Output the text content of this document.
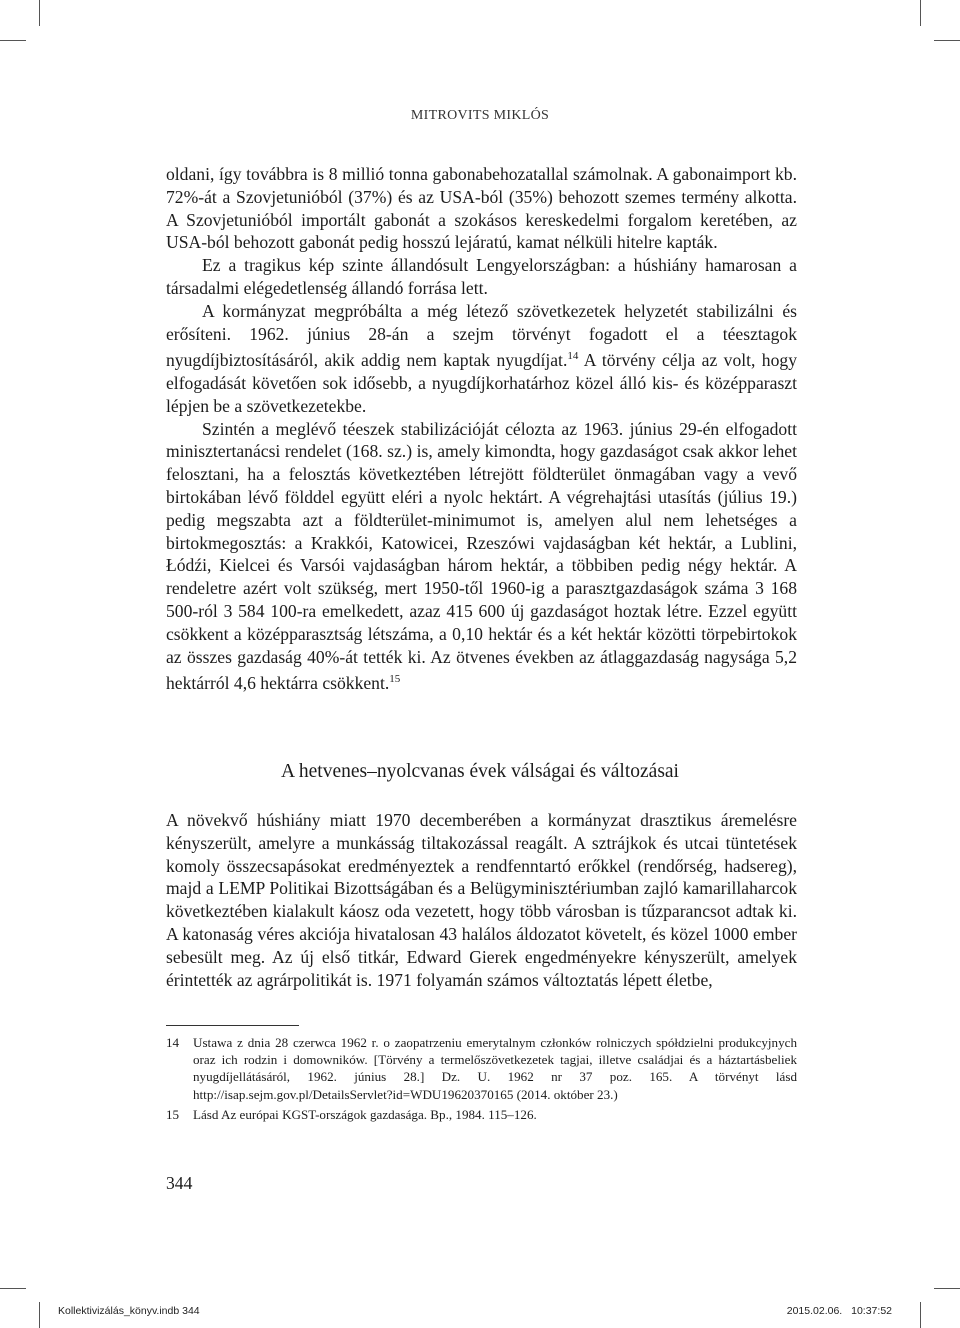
MITROVITS MIKLÓS

oldani, így továbbra is 8 millió tonna gabonabehozatallal számolnak. A gabonaimport kb. 72%-át a Szovjetunióból (37%) és az USA-ból (35%) behozott szemes termény alkotta. A Szovjetunióból importált gabonát a szokásos kereskedelmi forgalom keretében, az USA-ból behozott gabonát pedig hosszú lejáratú, kamat nélküli hitelre kapták.

Ez a tragikus kép szinte állandósult Lengyelországban: a húshiány hamarosan a társadalmi elégedetlenség állandó forrása lett.

A kormányzat megpróbálta a még létező szövetkezetek helyzetét stabilizálni és erősíteni. 1962. június 28-án a szejm törvényt fogadott el a téesztagok nyugdíjbiztosításáról, akik addig nem kaptak nyugdíjat.$^{14}$ A törvény célja az volt, hogy elfogadását követően sok idősebb, a nyugdíjkorhatárhoz közel álló kis- és középparaszt lépjen be a szövetkezetekbe.

Szintén a meglévő téeszek stabilizációját célozta az 1963. június 29-én elfogadott minisztertanácsi rendelet (168. sz.) is, amely kimondta, hogy gazdaságot csak akkor lehet felosztani, ha a felosztás következtében létrejött földterület önmagában vagy a vevő birtokában lévő földdel együtt eléri a nyolc hektárt. A végrehajtási utasítás (július 19.) pedig megszabta azt a földterület-minimumot is, amelyen alul nem lehetséges a birtokmegosztás: a Krakkói, Katowicei, Rzeszówi vajdaságban két hektár, a Lublini, Łódźi, Kielcei és Varsói vajdaságban három hektár, a többiben pedig négy hektár. A rendeletre azért volt szükség, mert 1950-től 1960-ig a parasztgazdaságok száma 3 168 500-ról 3 584 100-ra emelkedett, azaz 415 600 új gazdaságot hoztak létre. Ezzel együtt csökkent a középparasztság létszáma, a 0,10 hektár és a két hektár közötti törpebirtokok az összes gazdaság 40%-át tették ki. Az ötvenes években az átlaggazdaság nagysága 5,2 hektárról 4,6 hektárra csökkent.$^{15}$

A hetvenes–nyolcvanas évek válságai és változásai

A növekvő húshiány miatt 1970 decemberében a kormányzat drasztikus áremelésre kényszerült, amelyre a munkásság tiltakozással reagált. A sztrájkok és utcai tüntetések komoly összecsapásokat eredményeztek a rendfenntartó erőkkel (rendőrség, hadsereg), majd a LEMP Politikai Bizottságában és a Belügyminisztériumban zajló kamarillaharcok következtében kialakult káosz oda vezetett, hogy több városban is tűzparancsot adtak ki. A katonaság véres akciója hivatalosan 43 halálos áldozatot követelt, és közel 1000 ember sebesült meg. Az új első titkár, Edward Gierek engedményekre kényszerült, amelyek érintették az agrárpolitikát is. 1971 folyamán számos változtatás lépett életbe,

14	Ustawa z dnia 28 czerwca 1962 r. o zaopatrzeniu emerytalnym członków rolniczych spółdzielni produkcyjnych oraz ich rodzin i domowników. [Törvény a termelőszövetkezetek tagjai, illetve családjai és a háztartásbeliek nyugdíjellátásáról, 1962. június 28.] Dz. U. 1962 nr 37 poz. 165. A törvényt lásd http://isap.sejm.gov.pl/DetailsServlet?id=WDU19620370165 (2014. október 23.)
15	Lásd Az európai KGST-országok gazdasága. Bp., 1984. 115–126.
344
Kollektivizálás_könyv.indb 344	2015.02.06. 10:37:52
